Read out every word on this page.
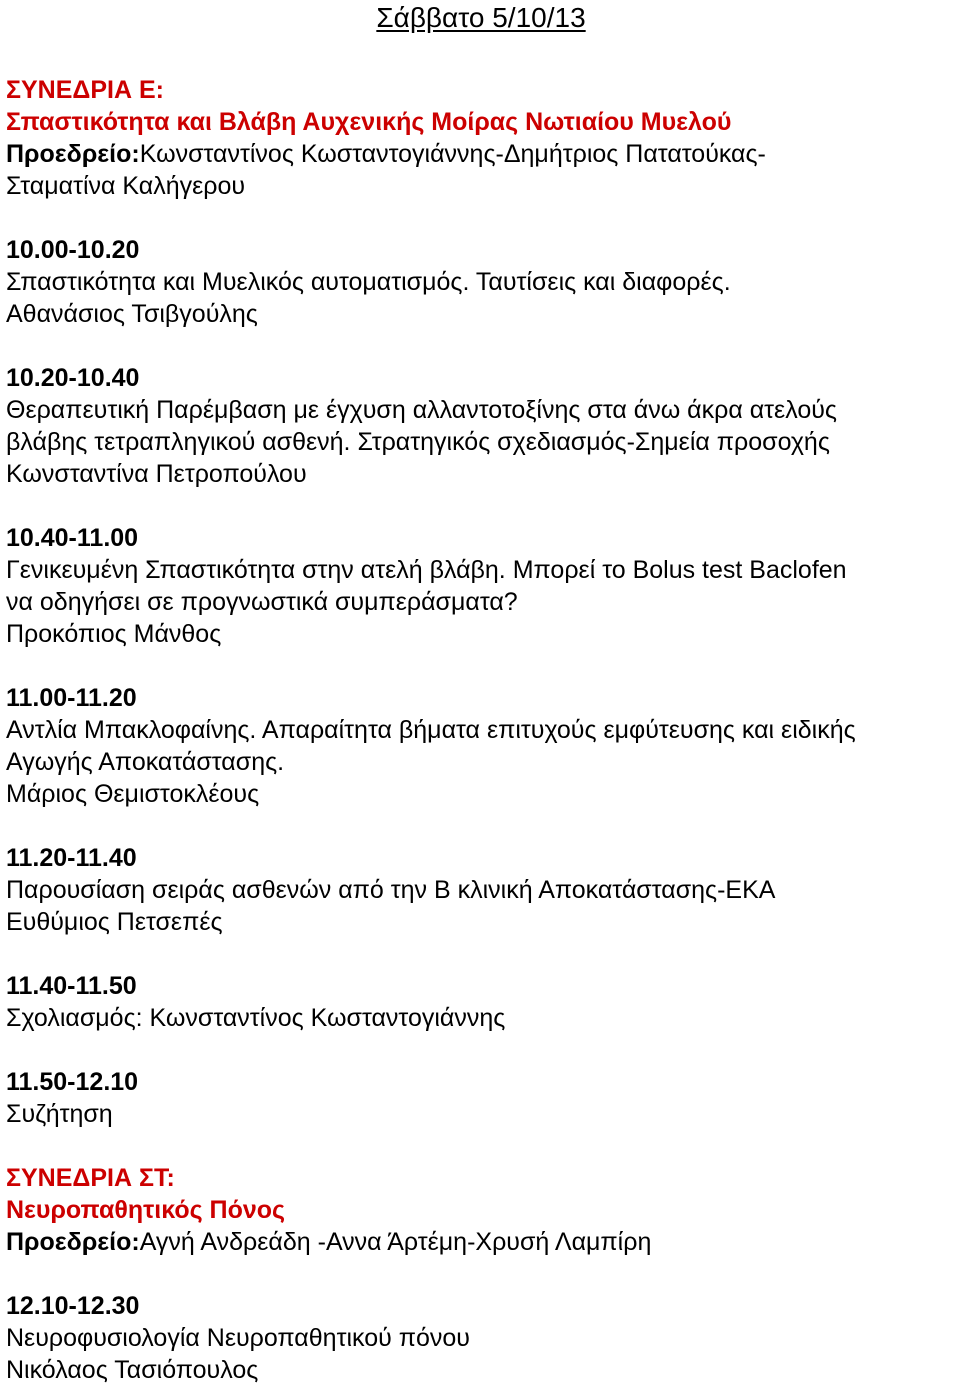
Σάββατο 5/10/13

ΣΥΝΕΔΡΙΑ Ε:

Σπαστικότητα και Βλάβη Αυχενικής Μοίρας Νωτιαίου Μυελού

Προεδρείο:Κωνσταντίνος Κωσταντογιάννης-Δημήτριος Πατατούκας-

Σταματίνα Καλήγερου

10.00-10.20

Σπαστικότητα και Μυελικός αυτοματισμός. Ταυτίσεις και διαφορές.

Αθανάσιος Τσιβγούλης

10.20-10.40

Θεραπευτική Παρέμβαση με έγχυση αλλαντοτοξίνης στα άνω άκρα ατελούς

βλάβης τετραπληγικού ασθενή. Στρατηγικός σχεδιασμός-Σημεία προσοχής

Κωνσταντίνα Πετροπούλου

10.40-11.00

Γενικευμένη Σπαστικότητα στην ατελή βλάβη. Μπορεί το Bolus test Baclofen

να οδηγήσει σε προγνωστικά συμπεράσματα?

Προκόπιος Μάνθος

11.00-11.20

Αντλία Μπακλοφαίνης. Απαραίτητα βήματα επιτυχούς εμφύτευσης και ειδικής

Αγωγής Αποκατάστασης.

Μάριος Θεμιστοκλέους

11.20-11.40

Παρουσίαση σειράς ασθενών από την Β κλινική Αποκατάστασης-ΕΚΑ

Ευθύμιος Πετσεπές

11.40-11.50

Σχολιασμός: Κωνσταντίνος Κωσταντογιάννης

11.50-12.10

Συζήτηση

ΣΥΝΕΔΡΙΑ ΣΤ:

Νευροπαθητικός Πόνος

Προεδρείο:Αγνή Ανδρεάδη -Αννα Άρτέμη-Χρυσή Λαμπίρη

12.10-12.30

Νευροφυσιολογία Νευροπαθητικού πόνου

Νικόλαος Τασιόπουλος
